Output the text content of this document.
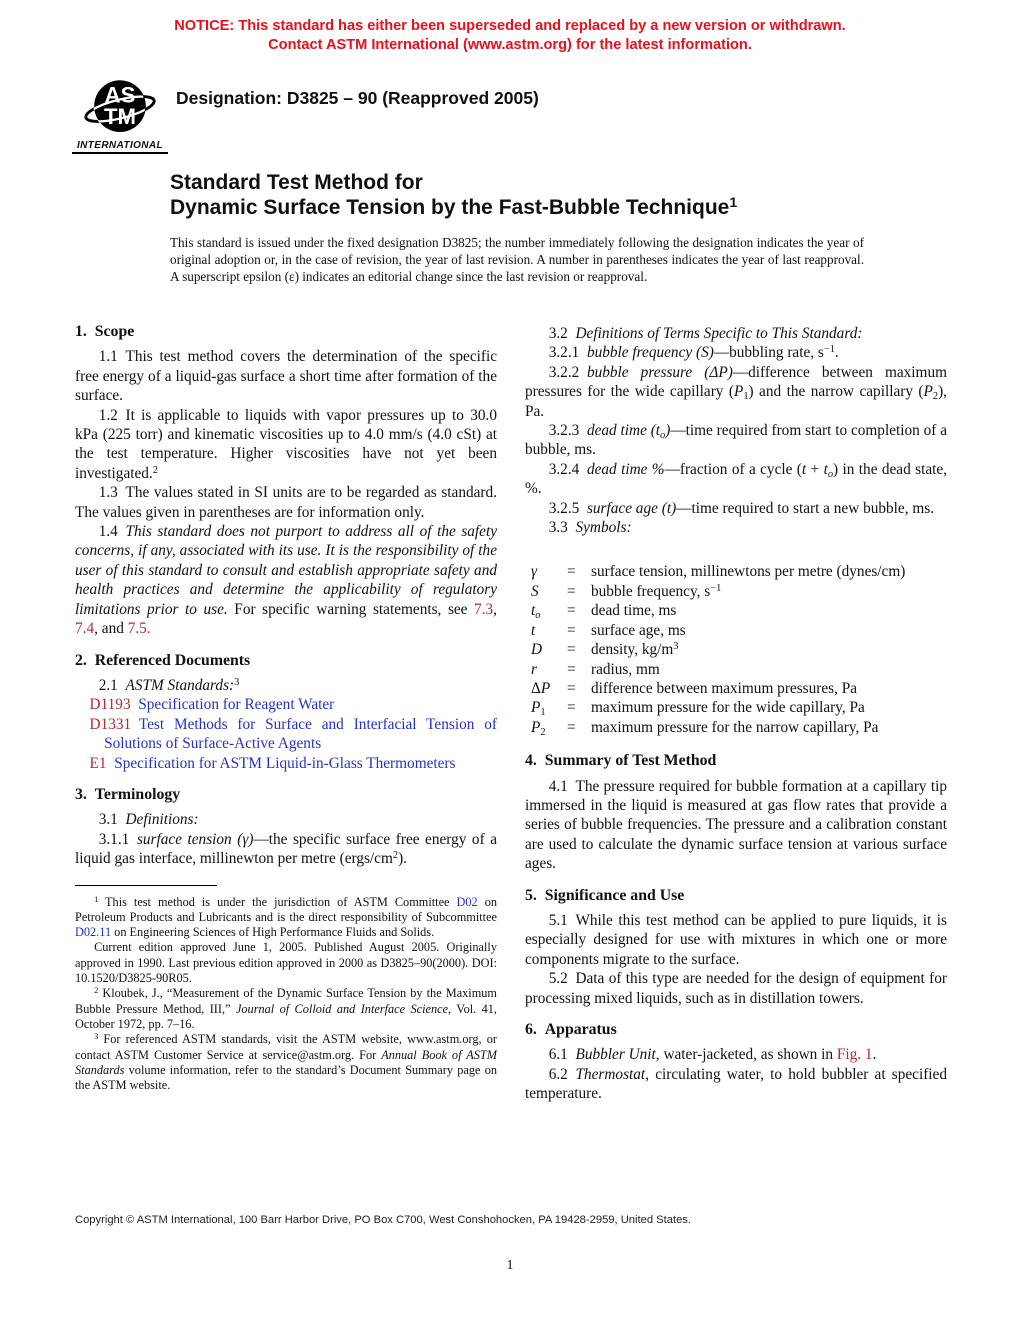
NOTICE: This standard has either been superseded and replaced by a new version or withdrawn.
Contact ASTM International (www.astm.org) for the latest information.
AS
TM
INTERNATIONAL
Designation: D3825 – 90 (Reapproved 2005)
Standard Test Method for
Dynamic Surface Tension by the Fast-Bubble Technique$^1$
This standard is issued under the fixed designation D3825; the number immediately following the designation indicates the year of original adoption or, in the case of revision, the year of last revision. A number in parentheses indicates the year of last reapproval. A superscript epsilon (ε) indicates an editorial change since the last revision or reapproval.
1. Scope

1.1 This test method covers the determination of the specific free energy of a liquid-gas surface a short time after formation of the surface.

1.2 It is applicable to liquids with vapor pressures up to 30.0 kPa (225 torr) and kinematic viscosities up to 4.0 mm/s (4.0 cSt) at the test temperature. Higher viscosities have not yet been investigated.$^2$

1.3 The values stated in SI units are to be regarded as standard. The values given in parentheses are for information only.

1.4 This standard does not purport to address all of the safety concerns, if any, associated with its use. It is the responsibility of the user of this standard to consult and establish appropriate safety and health practices and determine the applicability of regulatory limitations prior to use. For specific warning statements, see 7.3, 7.4, and 7.5.

2. Referenced Documents

2.1 ASTM Standards:$^3$

D1193  Specification for Reagent Water

D1331  Test Methods for Surface and Interfacial Tension of Solutions of Surface-Active Agents

E1  Specification for ASTM Liquid-in-Glass Thermometers

3. Terminology

3.1 Definitions:

3.1.1 surface tension (γ)—the specific surface free energy of a liquid gas interface, millinewton per metre $(ergs/cm^2)$.

$^1$ This test method is under the jurisdiction of ASTM Committee D02 on Petroleum Products and Lubricants and is the direct responsibility of Subcommittee D02.11 on Engineering Sciences of High Performance Fluids and Solids.

Current edition approved June 1, 2005. Published August 2005. Originally approved in 1990. Last previous edition approved in 2000 as D3825–90(2000). DOI: 10.1520/D3825-90R05.

$^2$ Kloubek, J., “Measurement of the Dynamic Surface Tension by the Maximum Bubble Pressure Method, III,” Journal of Colloid and Interface Science, Vol. 41, October 1972, pp. 7–16.

$^3$ For referenced ASTM standards, visit the ASTM website, www.astm.org, or contact ASTM Customer Service at service@astm.org. For Annual Book of ASTM Standards volume information, refer to the standard’s Document Summary page on the ASTM website.

3.2 Definitions of Terms Specific to This Standard:

3.2.1 bubble frequency (S)—bubbling rate, $s^{-1}$.

3.2.2 bubble pressure (ΔP)—difference between maximum pressures for the wide capillary (P1) and the narrow capillary (P2), Pa.

3.2.3 dead time (to)—time required from start to completion of a bubble, ms.

3.2.4 dead time %—fraction of a cycle (t + to) in the dead state, %.

3.2.5 surface age (t)—time required to start a new bubble, ms.

3.3 Symbols:

γ	=	surface tension, millinewtons per metre (dynes/cm)
S	=	bubble frequency, $s^{-1}$
to	=	dead time, ms
t	=	surface age, ms
D	=	density, $kg/m^3$
r	=	radius, mm
ΔP	=	difference between maximum pressures, Pa
P1	=	maximum pressure for the wide capillary, Pa
P2	=	maximum pressure for the narrow capillary, Pa
4. Summary of Test Method

4.1 The pressure required for bubble formation at a capillary tip immersed in the liquid is measured at gas flow rates that provide a series of bubble frequencies. The pressure and a calibration constant are used to calculate the dynamic surface tension at various surface ages.

5. Significance and Use

5.1 While this test method can be applied to pure liquids, it is especially designed for use with mixtures in which one or more components migrate to the surface.

5.2 Data of this type are needed for the design of equipment for processing mixed liquids, such as in distillation towers.

6. Apparatus

6.1 Bubbler Unit, water-jacketed, as shown in Fig. 1.

6.2 Thermostat, circulating water, to hold bubbler at specified temperature.

Copyright © ASTM International, 100 Barr Harbor Drive, PO Box C700, West Conshohocken, PA 19428-2959, United States.
1
